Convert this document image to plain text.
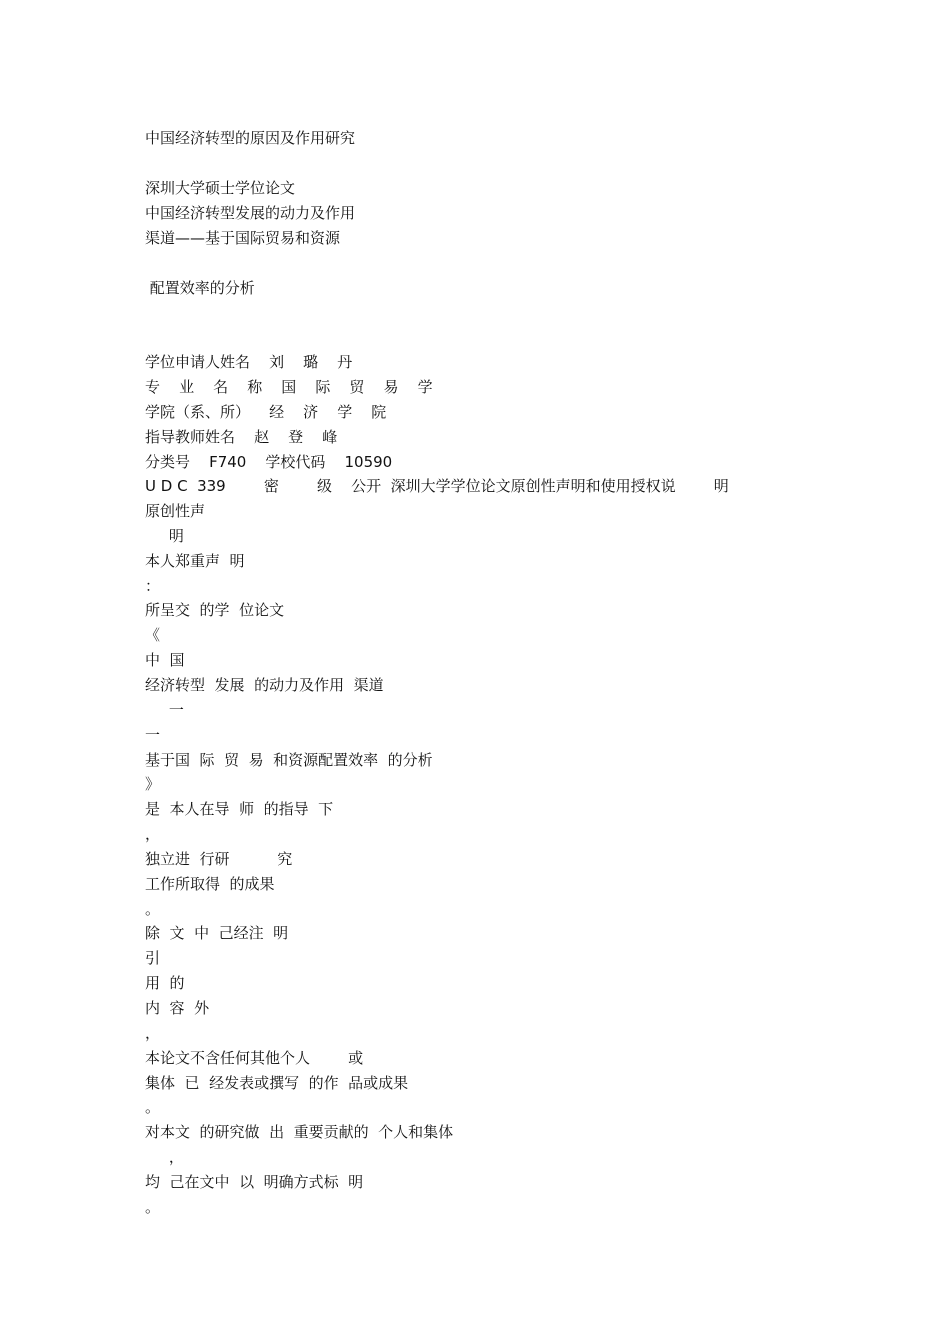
中国经济转型的原因及作用研究
深圳大学硕士学位论文
中国经济转型发展的动力及作用
渠道——基于国际贸易和资源
配置效率的分析
学位申请人姓名    刘    璐    丹
专    业    名    称    国    际    贸    易    学
学院（系、所）    经    济    学    院
指导教师姓名    赵    登    峰
分类号    F740    学校代码    10590
U D C  339        密        级    公开  深圳大学学位论文原创性声明和使用授权说        明
原创性声
明
本人郑重声  明
：
所呈交  的学  位论文
《
中  国
经济转型  发展  的动力及作用  渠道
一
一
基于国  际  贸  易  和资源配置效率  的分析
》
是  本人在导  师  的指导  下
，
独立进  行研          究
工作所取得  的成果
。
除  文  中  己经注  明
引
用  的
内  容  外
，
本论文不含任何其他个人        或
集体  已  经发表或撰写  的作  品或成果
。
对本文  的研究做  出  重要贡献的  个人和集体
，
均  己在文中  以  明确方式标  明
。
